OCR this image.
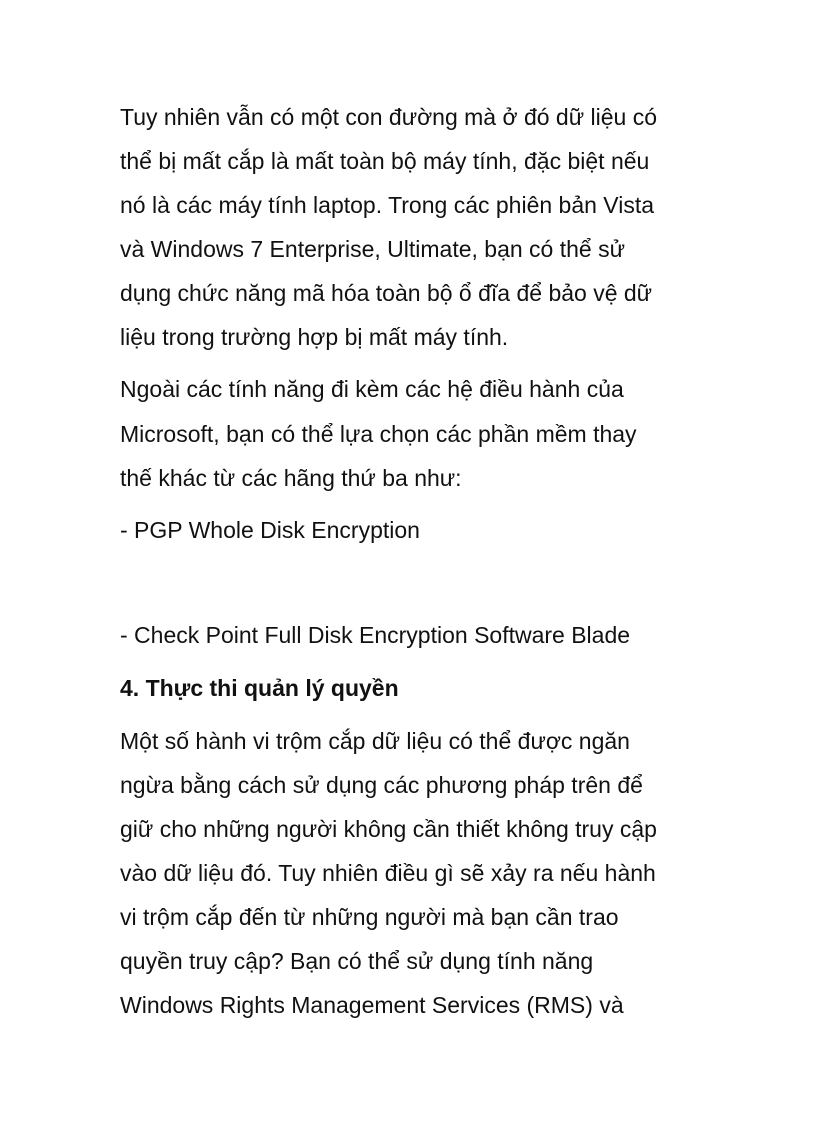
Tuy nhiên vẫn có một con đường mà ở đó dữ liệu có

thể bị mất cắp là mất toàn bộ máy tính, đặc biệt nếu

nó là các máy tính laptop. Trong các phiên bản Vista

và Windows 7 Enterprise, Ultimate, bạn có thể sử

dụng chức năng mã hóa toàn bộ ổ đĩa để bảo vệ dữ

liệu trong trường hợp bị mất máy tính.

Ngoài các tính năng đi kèm các hệ điều hành của

Microsoft, bạn có thể lựa chọn các phần mềm thay

thế khác từ các hãng thứ ba như:

- PGP Whole Disk Encryption

- Check Point Full Disk Encryption Software Blade

4. Thực thi quản lý quyền

Một số hành vi trộm cắp dữ liệu có thể được ngăn

ngừa bằng cách sử dụng các phương pháp trên để

giữ cho những người không cần thiết không truy cập

vào dữ liệu đó. Tuy nhiên điều gì sẽ xảy ra nếu hành

vi trộm cắp đến từ những người mà bạn cần trao

quyền truy cập? Bạn có thể sử dụng tính năng

Windows Rights Management Services (RMS) và
